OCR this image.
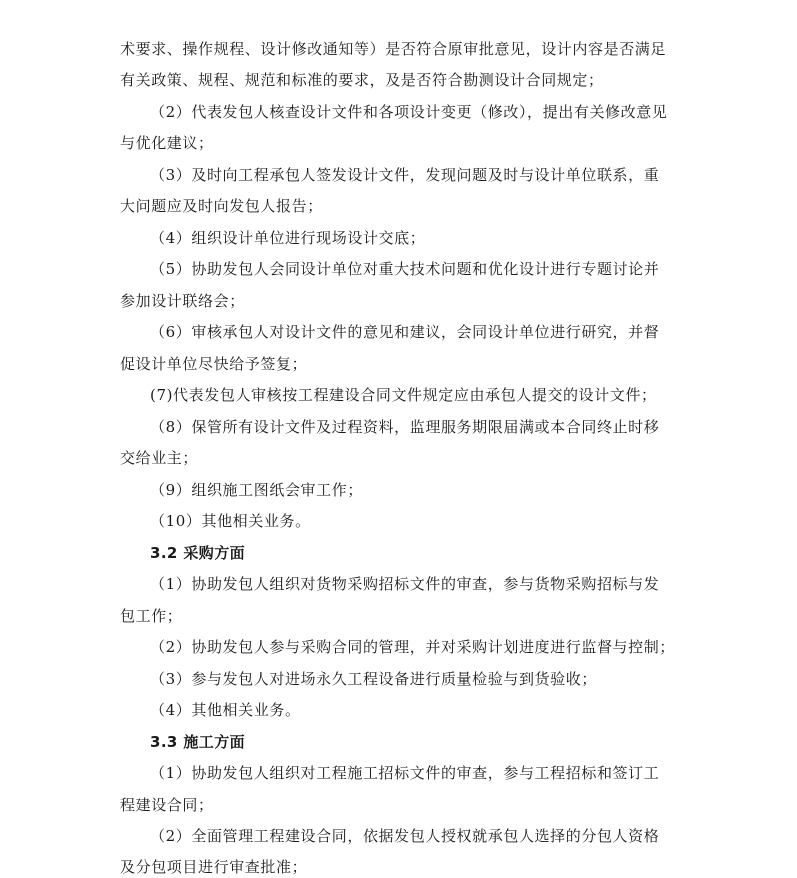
术要求、操作规程、设计修改通知等）是否符合原审批意见，设计内容是否满足
有关政策、规程、规范和标准的要求，及是否符合勘测设计合同规定；
（2）代表发包人核查设计文件和各项设计变更（修改），提出有关修改意见
与优化建议；
（3）及时向工程承包人签发设计文件，发现问题及时与设计单位联系，重
大问题应及时向发包人报告；
（4）组织设计单位进行现场设计交底；
（5）协助发包人会同设计单位对重大技术问题和优化设计进行专题讨论并
参加设计联络会；
（6）审核承包人对设计文件的意见和建议，会同设计单位进行研究，并督
促设计单位尽快给予签复；
(7)代表发包人审核按工程建设合同文件规定应由承包人提交的设计文件；
（8）保管所有设计文件及过程资料，监理服务期限届满或本合同终止时移
交给业主；
（9）组织施工图纸会审工作；
（10）其他相关业务。
3.2 采购方面
（1）协助发包人组织对货物采购招标文件的审查，参与货物采购招标与发
包工作；
（2）协助发包人参与采购合同的管理，并对采购计划进度进行监督与控制；
（3）参与发包人对进场永久工程设备进行质量检验与到货验收；
（4）其他相关业务。
3.3 施工方面
（1）协助发包人组织对工程施工招标文件的审查，参与工程招标和签订工
程建设合同；
（2）全面管理工程建设合同，依据发包人授权就承包人选择的分包人资格
及分包项目进行审查批准；
